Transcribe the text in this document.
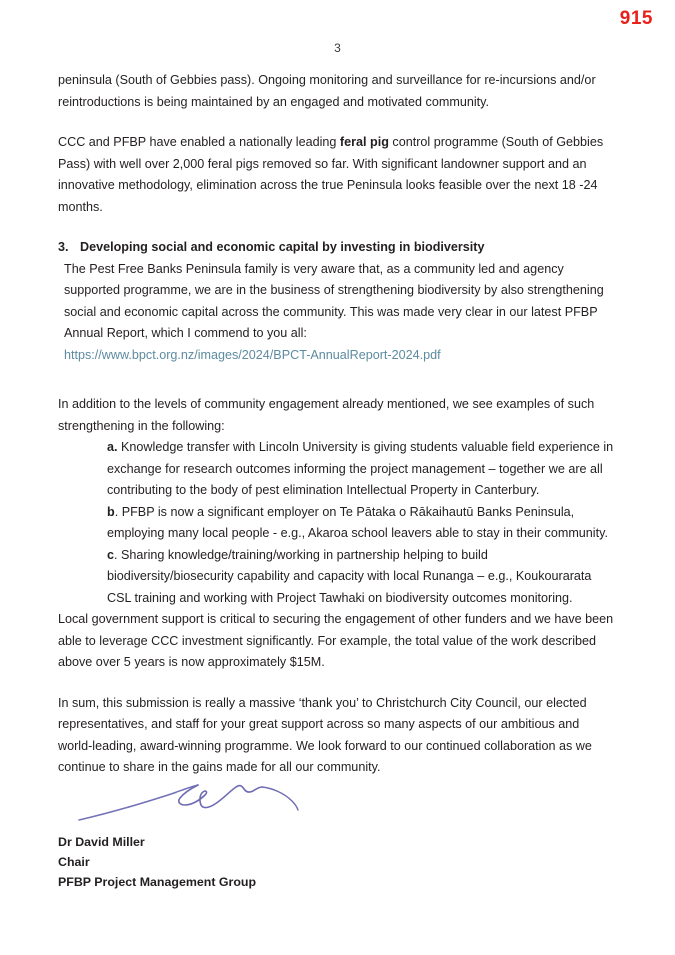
915
3

peninsula (South of Gebbies pass). Ongoing monitoring and surveillance for re-incursions and/or reintroductions is being maintained by an engaged and motivated community.

CCC and PFBP have enabled a nationally leading feral pig control programme (South of Gebbies Pass) with well over 2,000 feral pigs removed so far. With significant landowner support and an innovative methodology, elimination across the true Peninsula looks feasible over the next 18 -24 months.

3. Developing social and economic capital by investing in biodiversity

The Pest Free Banks Peninsula family is very aware that, as a community led and agency supported programme, we are in the business of strengthening biodiversity by also strengthening social and economic capital across the community. This was made very clear in our latest PFBP Annual Report, which I commend to you all:

https://www.bpct.org.nz/images/2024/BPCT-AnnualReport-2024.pdf

In addition to the levels of community engagement already mentioned, we see examples of such strengthening in the following:

a. Knowledge transfer with Lincoln University is giving students valuable field experience in exchange for research outcomes informing the project management – together we are all contributing to the body of pest elimination Intellectual Property in Canterbury.

b. PFBP is now a significant employer on Te Pātaka o Rākaihautū Banks Peninsula, employing many local people - e.g., Akaroa school leavers able to stay in their community.

c. Sharing knowledge/training/working in partnership helping to build biodiversity/biosecurity capability and capacity with local Runanga – e.g., Koukourarata CSL training and working with Project Tawhaki on biodiversity outcomes monitoring.

Local government support is critical to securing the engagement of other funders and we have been able to leverage CCC investment significantly. For example, the total value of the work described above over 5 years is now approximately $15M.

In sum, this submission is really a massive ‘thank you’ to Christchurch City Council, our elected representatives, and staff for your great support across so many aspects of our ambitious and world-leading, award-winning programme. We look forward to our continued collaboration as we continue to share in the gains made for all our community.

Dr David Miller
Chair
PFBP Project Management Group
